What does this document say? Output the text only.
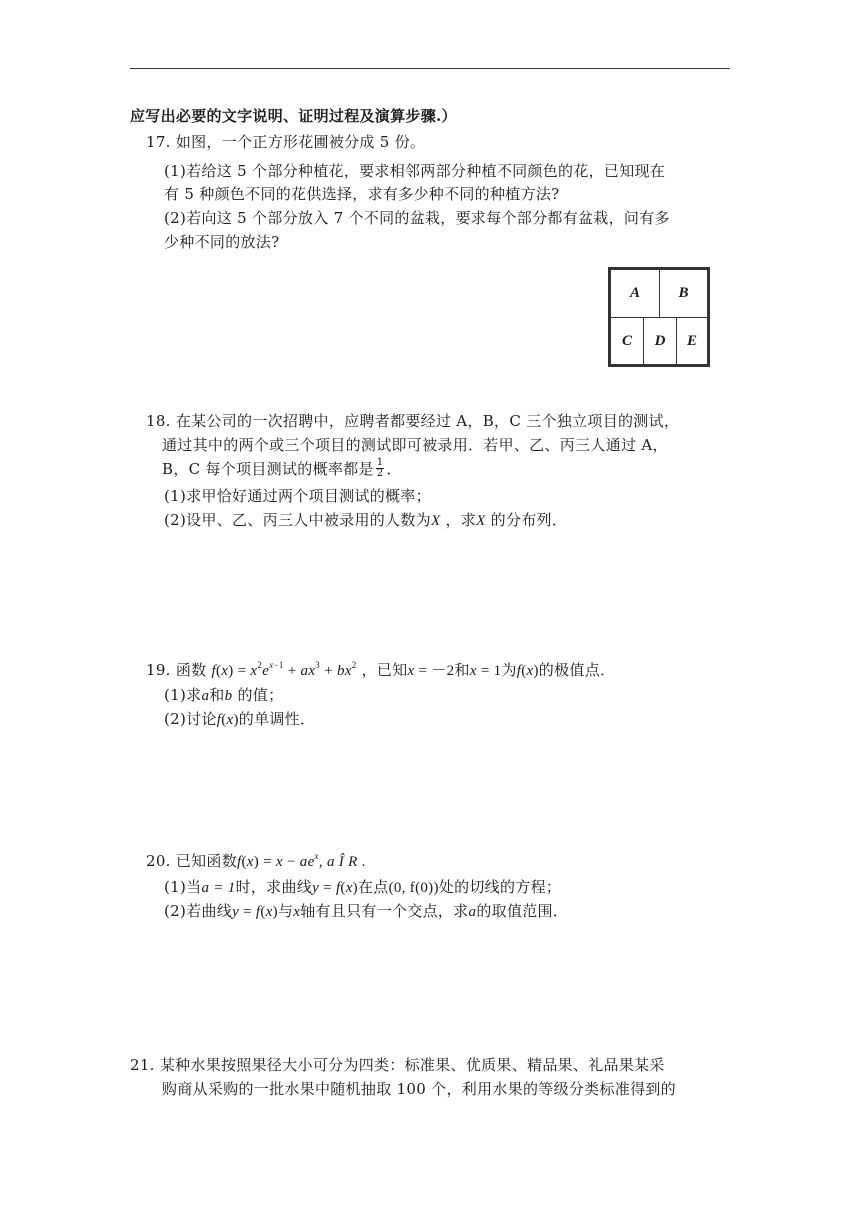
应写出必要的文字说明、证明过程及演算步骤.）
17. 如图，一个正方形花圃被分成 5 份。
(1)若给这 5 个部分种植花，要求相邻两部分种植不同颜色的花，已知现在
有 5 种颜色不同的花供选择，求有多少种不同的种植方法?
(2)若向这 5 个部分放入 7 个不同的盆栽，要求每个部分都有盆栽，问有多
少种不同的放法?
A	B
C D E
18. 在某公司的一次招聘中，应聘者都要经过 A，B，C 三个独立项目的测试，
通过其中的两个或三个项目的测试即可被录用．若甲、乙、丙三人通过 A，
B，C 每个项目测试的概率都是 $\frac{1}{2}$ ．
(1)求甲恰好通过两个项目测试的概率；
(2)设甲、乙、丙三人中被录用的人数为X ，求X 的分布列．
19. 函数 $f(x) = x^2e^{x-1} + ax^3 + bx^2$ ，已知x = －2和x = 1为f(x)的极值点．
(1)求a和b 的值；
(2)讨论f(x)的单调性．
20. 已知函数$f(x) = x - ae^x$, a Î R .
(1)当a = 1时，求曲线y = f(x)在点(0, f(0))处的切线的方程；
(2)若曲线y = f(x)与x轴有且只有一个交点，求a的取值范围．
21. 某种水果按照果径大小可分为四类：标准果、优质果、精品果、礼品果某采
购商从采购的一批水果中随机抽取 100 个，利用水果的等级分类标准得到的
